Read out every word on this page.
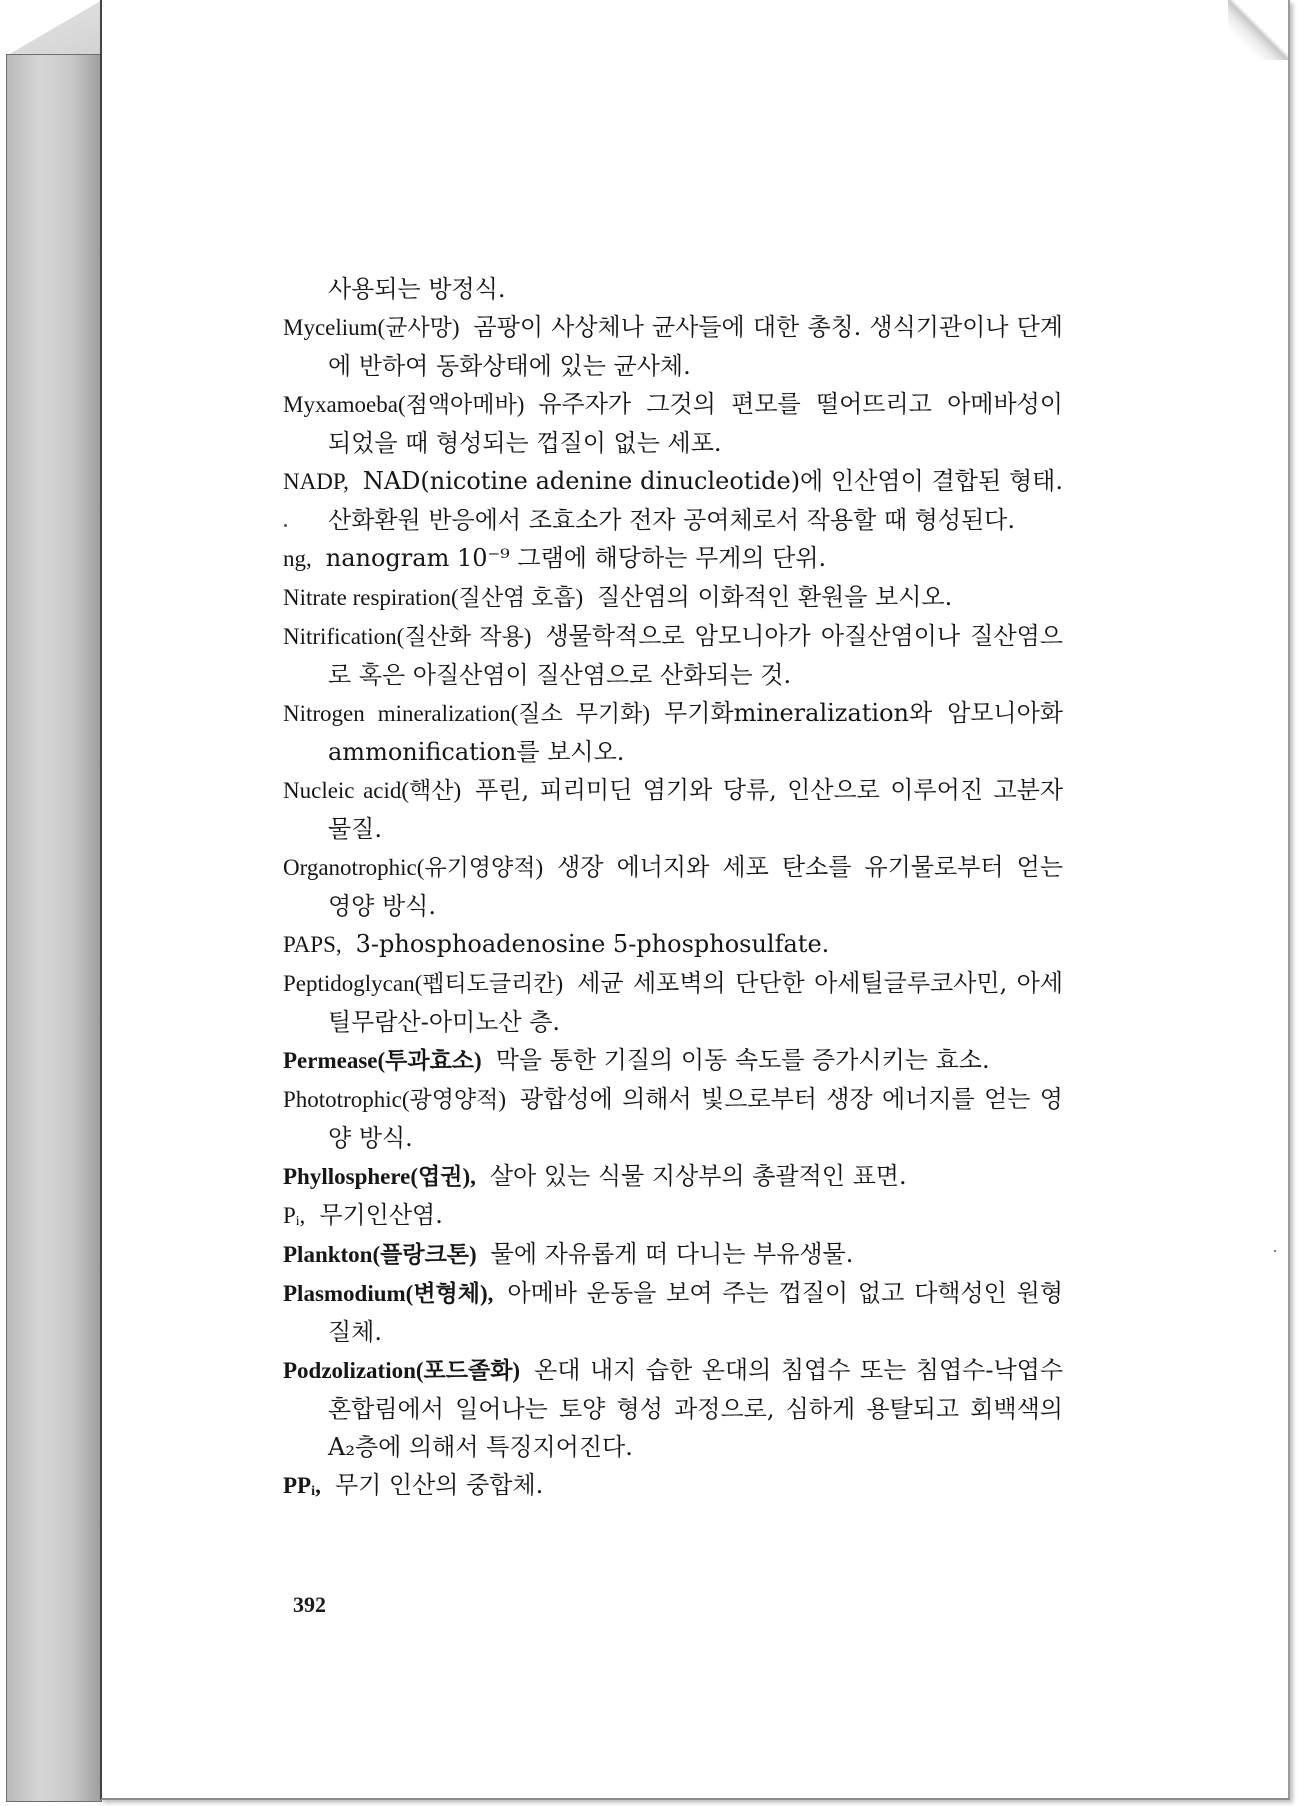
사용되는 방정식.

Mycelium(균사망) 곰팡이 사상체나 균사들에 대한 총칭. 생식기관이나 단계에 반하여 동화상태에 있는 균사체.

Myxamoeba(점액아메바) 유주자가 그것의 편모를 떨어뜨리고 아메바성이 되었을 때 형성되는 껍질이 없는 세포.

NADP, NAD(nicotine adenine dinucleotide)에 인산염이 결합된 형태. 산화환원 반응에서 조효소가 전자 공여체로서 작용할 때 형성된다.

ng, nanogram 10⁻⁹ 그램에 해당하는 무게의 단위.

Nitrate respiration(질산염 호흡) 질산염의 이화적인 환원을 보시오.

Nitrification(질산화 작용) 생물학적으로 암모니아가 아질산염이나 질산염으로 혹은 아질산염이 질산염으로 산화되는 것.

Nitrogen mineralization(질소 무기화) 무기화mineralization와 암모니아화ammonification를 보시오.

Nucleic acid(핵산) 푸린, 피리미딘 염기와 당류, 인산으로 이루어진 고분자 물질.

Organotrophic(유기영양적) 생장 에너지와 세포 탄소를 유기물로부터 얻는 영양 방식.

PAPS, 3-phosphoadenosine 5-phosphosulfate.

Peptidoglycan(펩티도글리칸) 세균 세포벽의 단단한 아세틸글루코사민, 아세틸무람산-아미노산 층.

Permease(투과효소) 막을 통한 기질의 이동 속도를 증가시키는 효소.

Phototrophic(광영양적) 광합성에 의해서 빛으로부터 생장 에너지를 얻는 영양 방식.

Phyllosphere(엽권), 살아 있는 식물 지상부의 총괄적인 표면.

Pᵢ, 무기인산염.

Plankton(플랑크톤) 물에 자유롭게 떠 다니는 부유생물.

Plasmodium(변형체), 아메바 운동을 보여 주는 껍질이 없고 다핵성인 원형질체.

Podzolization(포드졸화) 온대 내지 습한 온대의 침엽수 또는 침엽수-낙엽수 혼합림에서 일어나는 토양 형성 과정으로, 심하게 용탈되고 회백색의 A₂층에 의해서 특징지어진다.

PPᵢ, 무기 인산의 중합체.

392
